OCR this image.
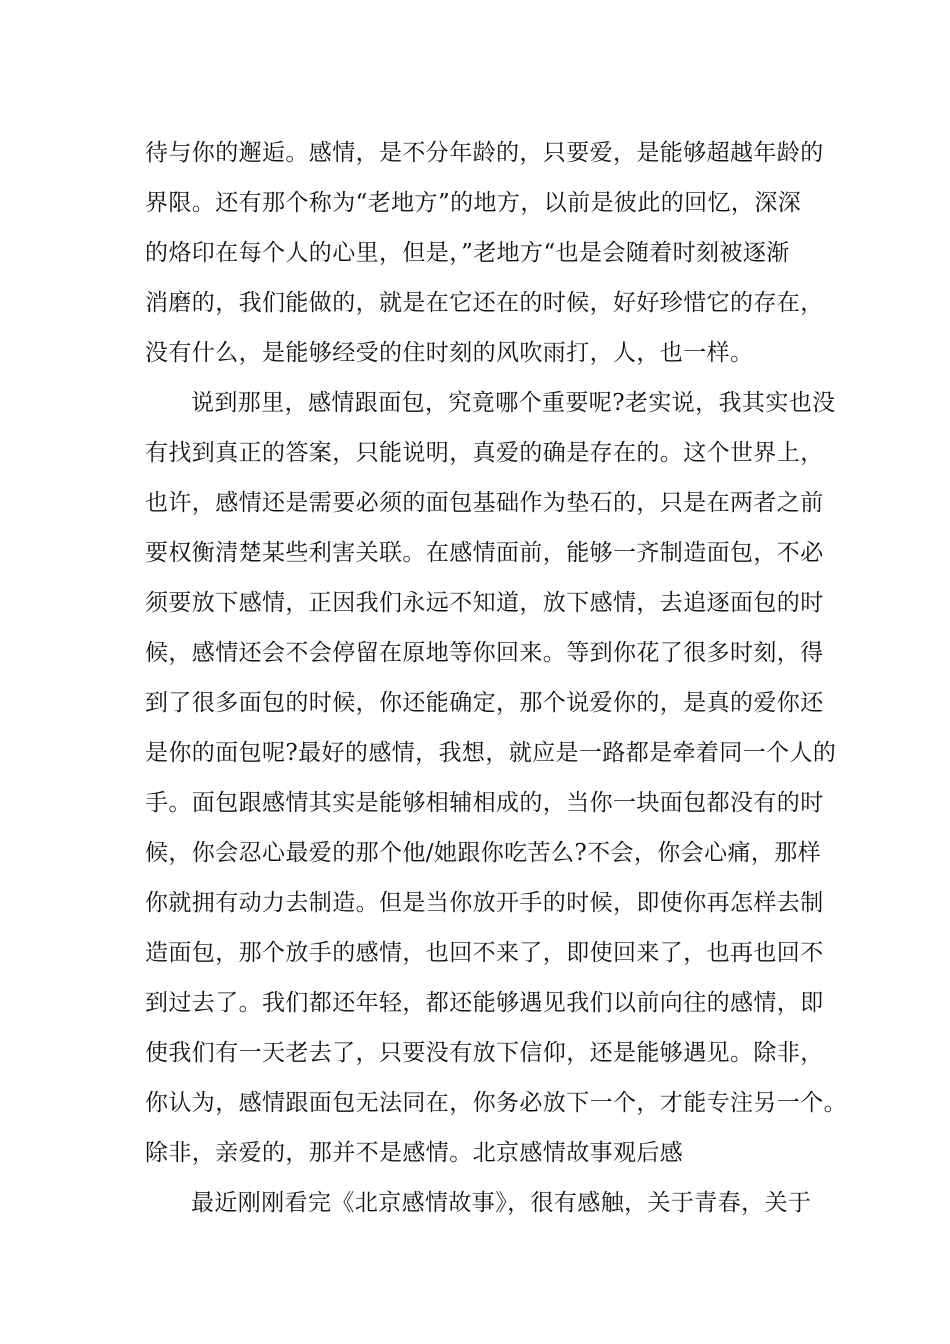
待与你的邂逅。感情，是不分年龄的，只要爱，是能够超越年龄的
界限。还有那个称为“老地方”的地方，以前是彼此的回忆，深深
的烙印在每个人的心里，但是，”老地方“也是会随着时刻被逐渐
消磨的，我们能做的，就是在它还在的时候，好好珍惜它的存在，
没有什么，是能够经受的住时刻的风吹雨打，人，也一样。
说到那里，感情跟面包，究竟哪个重要呢?老实说，我其实也没
有找到真正的答案，只能说明，真爱的确是存在的。这个世界上，
也许，感情还是需要必须的面包基础作为垫石的，只是在两者之前
要权衡清楚某些利害关联。在感情面前，能够一齐制造面包，不必
须要放下感情，正因我们永远不知道，放下感情，去追逐面包的时
候，感情还会不会停留在原地等你回来。等到你花了很多时刻，得
到了很多面包的时候，你还能确定，那个说爱你的，是真的爱你还
是你的面包呢?最好的感情，我想，就应是一路都是牵着同一个人的
手。面包跟感情其实是能够相辅相成的，当你一块面包都没有的时
候，你会忍心最爱的那个他/她跟你吃苦么?不会，你会心痛，那样
你就拥有动力去制造。但是当你放开手的时候，即使你再怎样去制
造面包，那个放手的感情，也回不来了，即使回来了，也再也回不
到过去了。我们都还年轻，都还能够遇见我们以前向往的感情，即
使我们有一天老去了，只要没有放下信仰，还是能够遇见。除非，
你认为，感情跟面包无法同在，你务必放下一个，才能专注另一个。
除非，亲爱的，那并不是感情。北京感情故事观后感
最近刚刚看完《北京感情故事》，很有感触，关于青春，关于
